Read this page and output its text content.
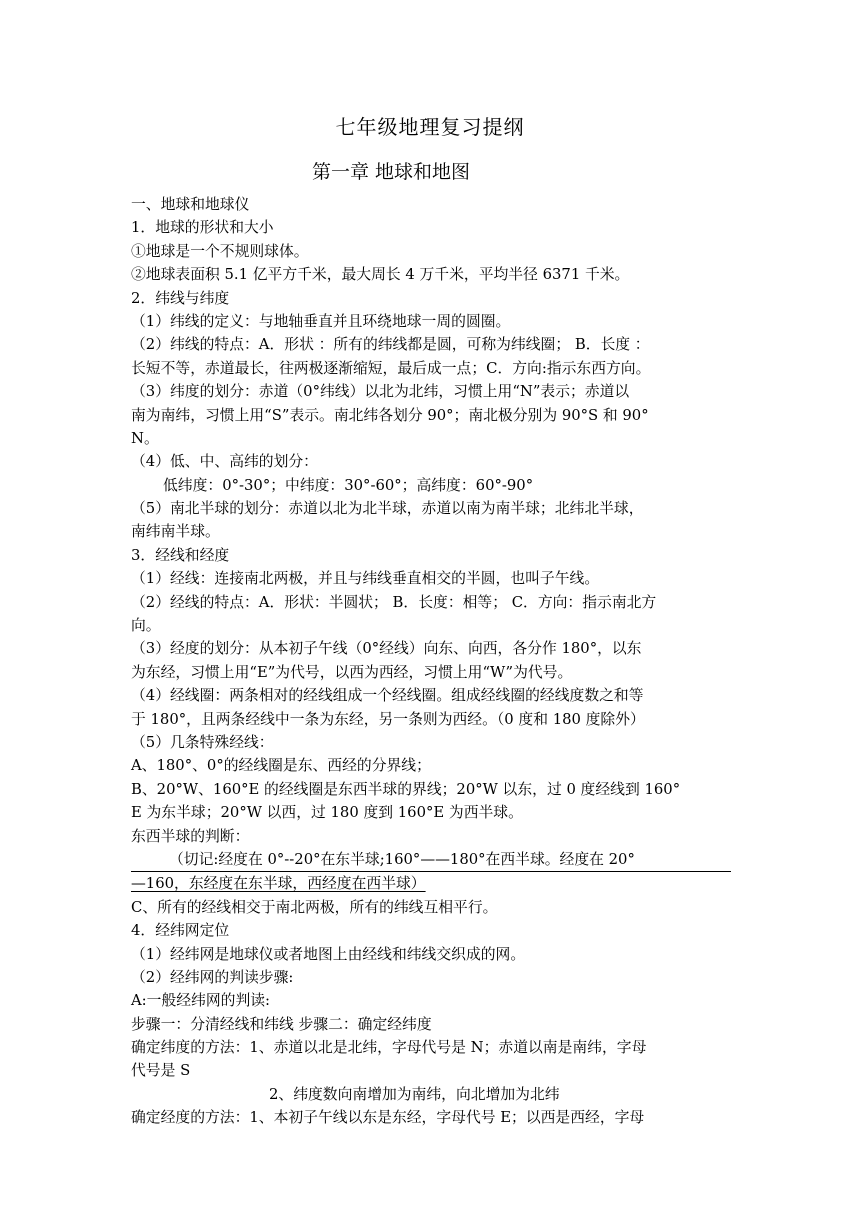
七年级地理复习提纲
第一章 地球和地图
一、地球和地球仪
1．地球的形状和大小
①地球是一个不规则球体。
②地球表面积 5.1 亿平方千米，最大周长 4 万千米，平均半径 6371 千米。
2．纬线与纬度
（1）纬线的定义：与地轴垂直并且环绕地球一周的圆圈。
（2）纬线的特点：A．形状 ：所有的纬线都是圆，可称为纬线圈； B．长度 ：
长短不等，赤道最长，往两极逐渐缩短，最后成一点；C．方向:指示东西方向。
（3）纬度的划分：赤道（0°纬线）以北为北纬，习惯上用“N”表示；赤道以
南为南纬，习惯上用“S”表示。南北纬各划分 90°；南北极分别为 90°S 和 90°
N。
（4）低、中、高纬的划分：
低纬度：0°-30°；中纬度：30°-60°；高纬度：60°-90°
（5）南北半球的划分：赤道以北为北半球，赤道以南为南半球；北纬北半球，
南纬南半球。
3．经线和经度
（1）经线：连接南北两极，并且与纬线垂直相交的半圆，也叫子午线。
（2）经线的特点：A．形状：半圆状； B．长度：相等； C．方向：指示南北方
向。
（3）经度的划分：从本初子午线（0°经线）向东、向西，各分作 180°，以东
为东经，习惯上用“E”为代号，以西为西经，习惯上用“W”为代号。
（4）经线圈：两条相对的经线组成一个经线圈。组成经线圈的经线度数之和等
于 180°，且两条经线中一条为东经，另一条则为西经。（0 度和 180 度除外）
（5）几条特殊经线：
A、180°、0°的经线圈是东、西经的分界线；
B、20°W、160°E 的经线圈是东西半球的界线；20°W 以东，过 0 度经线到 160°
E 为东半球；20°W 以西，过 180 度到 160°E 为西半球。
东西半球的判断：
（切记:经度在 0°--20°在东半球;160°——180°在西半球。经度在 20°
—160，东经度在东半球，西经度在西半球）
C、所有的经线相交于南北两极，所有的纬线互相平行。
4．经纬网定位
（1）经纬网是地球仪或者地图上由经线和纬线交织成的网。
（2）经纬网的判读步骤:
A:一般经纬网的判读:
步骤一：分清经线和纬线 步骤二：确定经纬度
确定纬度的方法：1、赤道以北是北纬，字母代号是 N；赤道以南是南纬，字母
代号是 S
2、纬度数向南增加为南纬，向北增加为北纬
确定经度的方法：1、本初子午线以东是东经，字母代号 E；以西是西经，字母
